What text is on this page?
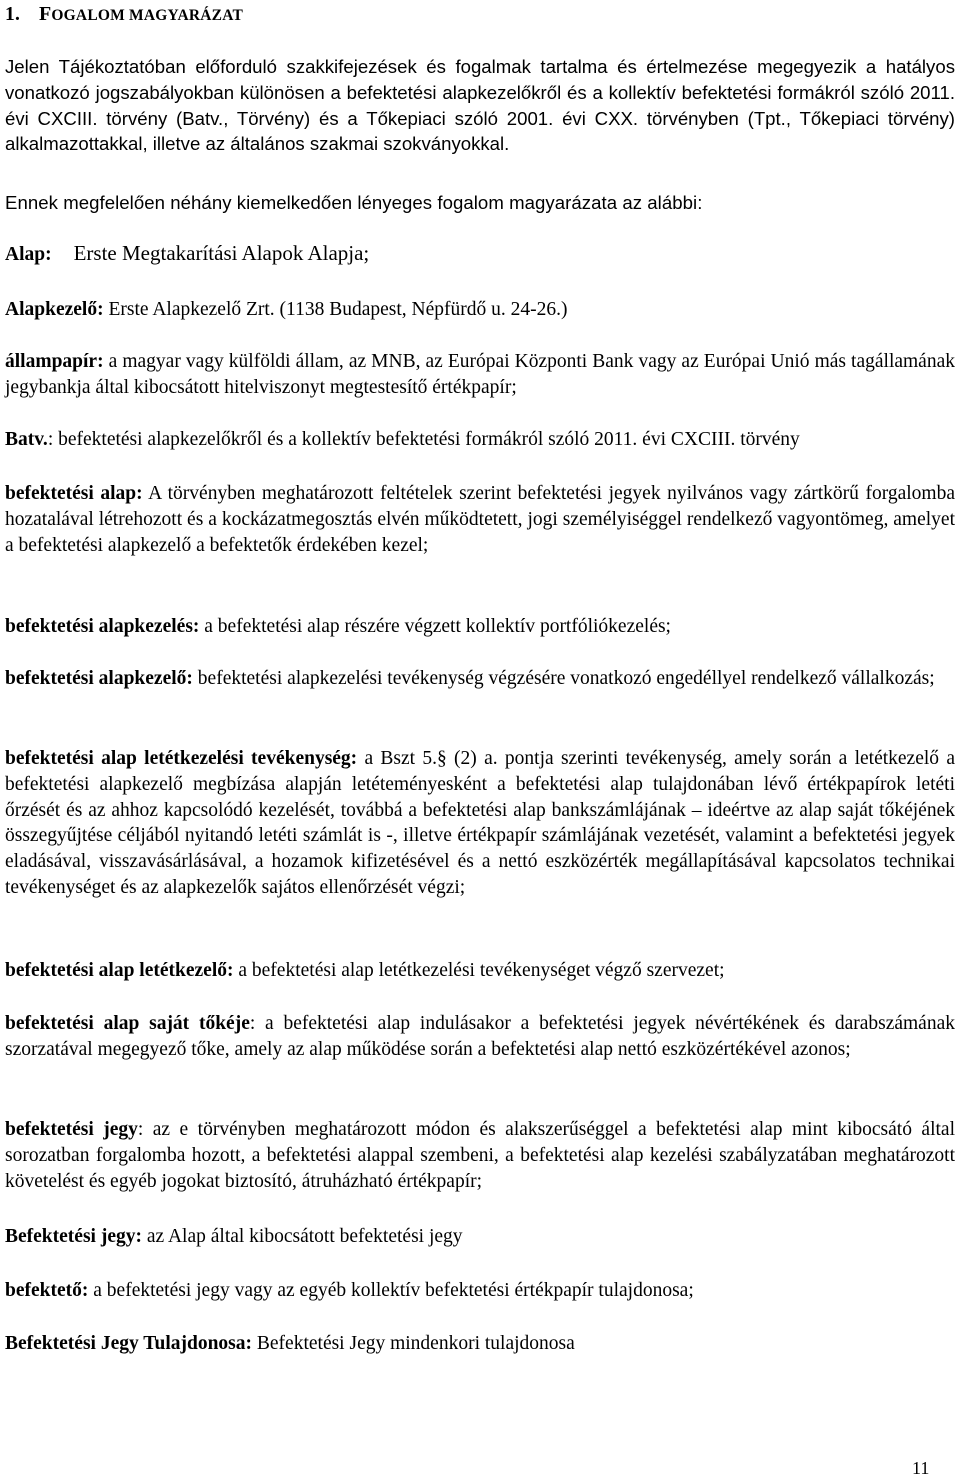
1. FOGALOM MAGYARÁZAT

Jelen Tájékoztatóban előforduló szakkifejezések és fogalmak tartalma és értelmezése megegyezik a hatályos vonatkozó jogszabályokban különösen a befektetési alapkezelőkről és a kollektív befektetési formákról szóló 2011. évi CXCIII. törvény (Batv., Törvény) és a Tőkepiaci szóló 2001. évi CXX. törvényben (Tpt., Tőkepiaci törvény) alkalmazottakkal, illetve az általános szakmai szokványokkal.

Ennek megfelelően néhány kiemelkedően lényeges fogalom magyarázata az alábbi:

Alap: Erste Megtakarítási Alapok Alapja;

Alapkezelő: Erste Alapkezelő Zrt. (1138 Budapest, Népfürdő u. 24-26.)

állampapír: a magyar vagy külföldi állam, az MNB, az Európai Központi Bank vagy az Európai Unió más tagállamának jegybankja által kibocsátott hitelviszonyt megtestesítő értékpapír;

Batv.: befektetési alapkezelőkről és a kollektív befektetési formákról szóló 2011. évi CXCIII. törvény

befektetési alap: A törvényben meghatározott feltételek szerint befektetési jegyek nyilvános vagy zártkörű forgalomba hozatalával létrehozott és a kockázatmegosztás elvén működtetett, jogi személyiséggel rendelkező vagyontömeg, amelyet a befektetési alapkezelő a befektetők érdekében kezel;

befektetési alapkezelés: a befektetési alap részére végzett kollektív portfóliókezelés;

befektetési alapkezelő: befektetési alapkezelési tevékenység végzésére vonatkozó engedéllyel rendelkező vállalkozás;

befektetési alap letétkezelési tevékenység: a Bszt 5.§ (2) a. pontja szerinti tevékenység, amely során a letétkezelő a befektetési alapkezelő megbízása alapján letéteményesként a befektetési alap tulajdonában lévő értékpapírok letéti őrzését és az ahhoz kapcsolódó kezelését, továbbá a befektetési alap bankszámlájának – ideértve az alap saját tőkéjének összegyűjtése céljából nyitandó letéti számlát is -, illetve értékpapír számlájának vezetését, valamint a befektetési jegyek eladásával, visszavásárlásával, a hozamok kifizetésével és a nettó eszközérték megállapításával kapcsolatos technikai tevékenységet és az alapkezelők sajátos ellenőrzését végzi;

befektetési alap letétkezelő: a befektetési alap letétkezelési tevékenységet végző szervezet;

befektetési alap saját tőkéje: a befektetési alap indulásakor a befektetési jegyek névértékének és darabszámának szorzatával megegyező tőke, amely az alap működése során a befektetési alap nettó eszközértékével azonos;

befektetési jegy: az e törvényben meghatározott módon és alakszerűséggel a befektetési alap mint kibocsátó által sorozatban forgalomba hozott, a befektetési alappal szembeni, a befektetési alap kezelési szabályzatában meghatározott követelést és egyéb jogokat biztosító, átruházható értékpapír;

Befektetési jegy: az Alap által kibocsátott befektetési jegy

befektető: a befektetési jegy vagy az egyéb kollektív befektetési értékpapír tulajdonosa;

Befektetési Jegy Tulajdonosa: Befektetési Jegy mindenkori tulajdonosa

11
